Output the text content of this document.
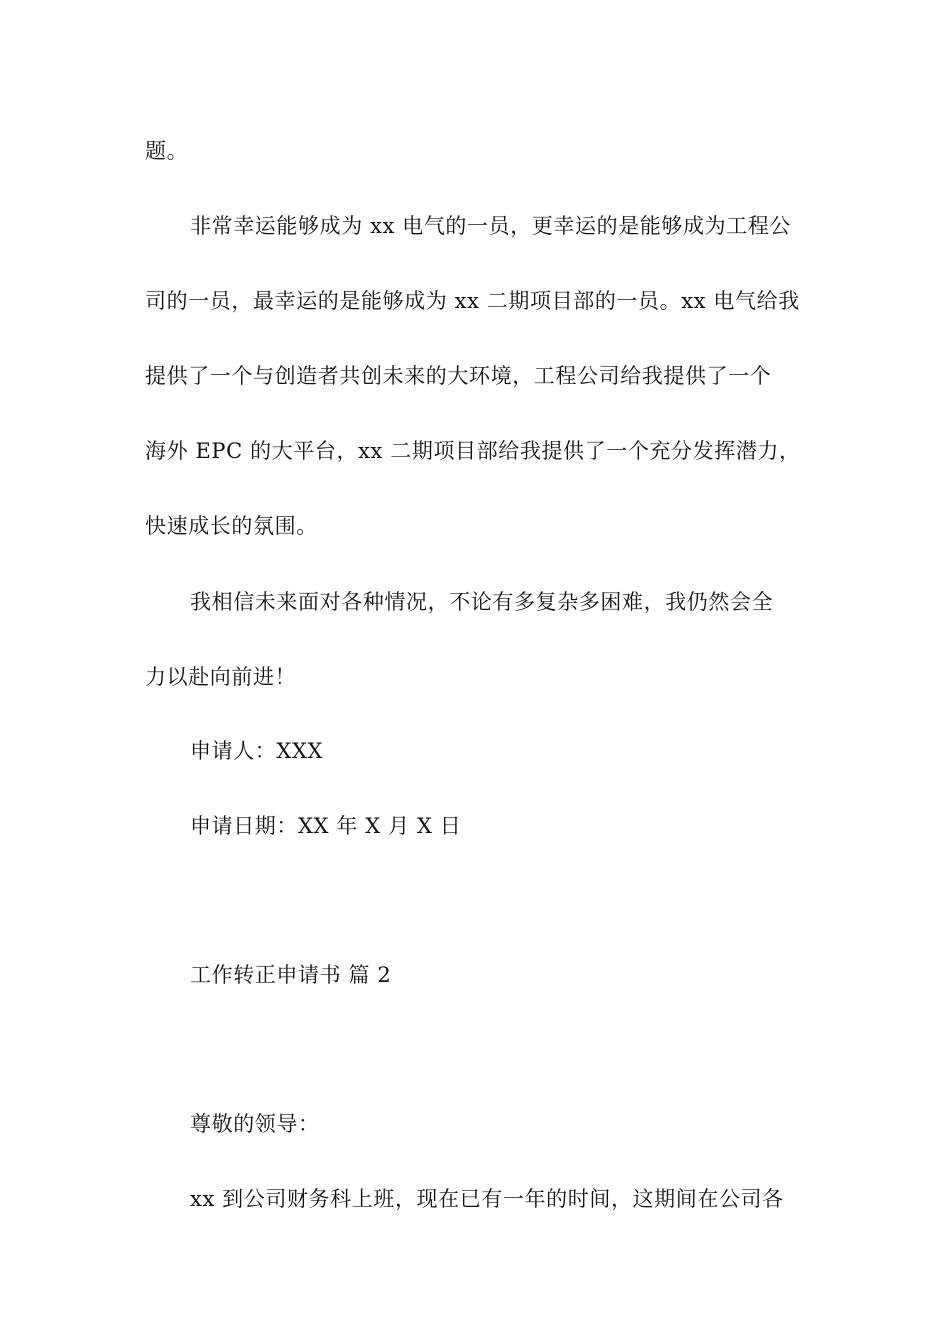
题。
非常幸运能够成为 xx 电气的一员，更幸运的是能够成为工程公
司的一员，最幸运的是能够成为 xx 二期项目部的一员。xx 电气给我
提供了一个与创造者共创未来的大环境，工程公司给我提供了一个
海外 EPC 的大平台，xx 二期项目部给我提供了一个充分发挥潜力，
快速成长的氛围。
我相信未来面对各种情况，不论有多复杂多困难，我仍然会全
力以赴向前进！
申请人：XXX
申请日期：XX 年 X 月 X 日
工作转正申请书 篇 2
尊敬的领导：
xx 到公司财务科上班，现在已有一年的时间，这期间在公司各
